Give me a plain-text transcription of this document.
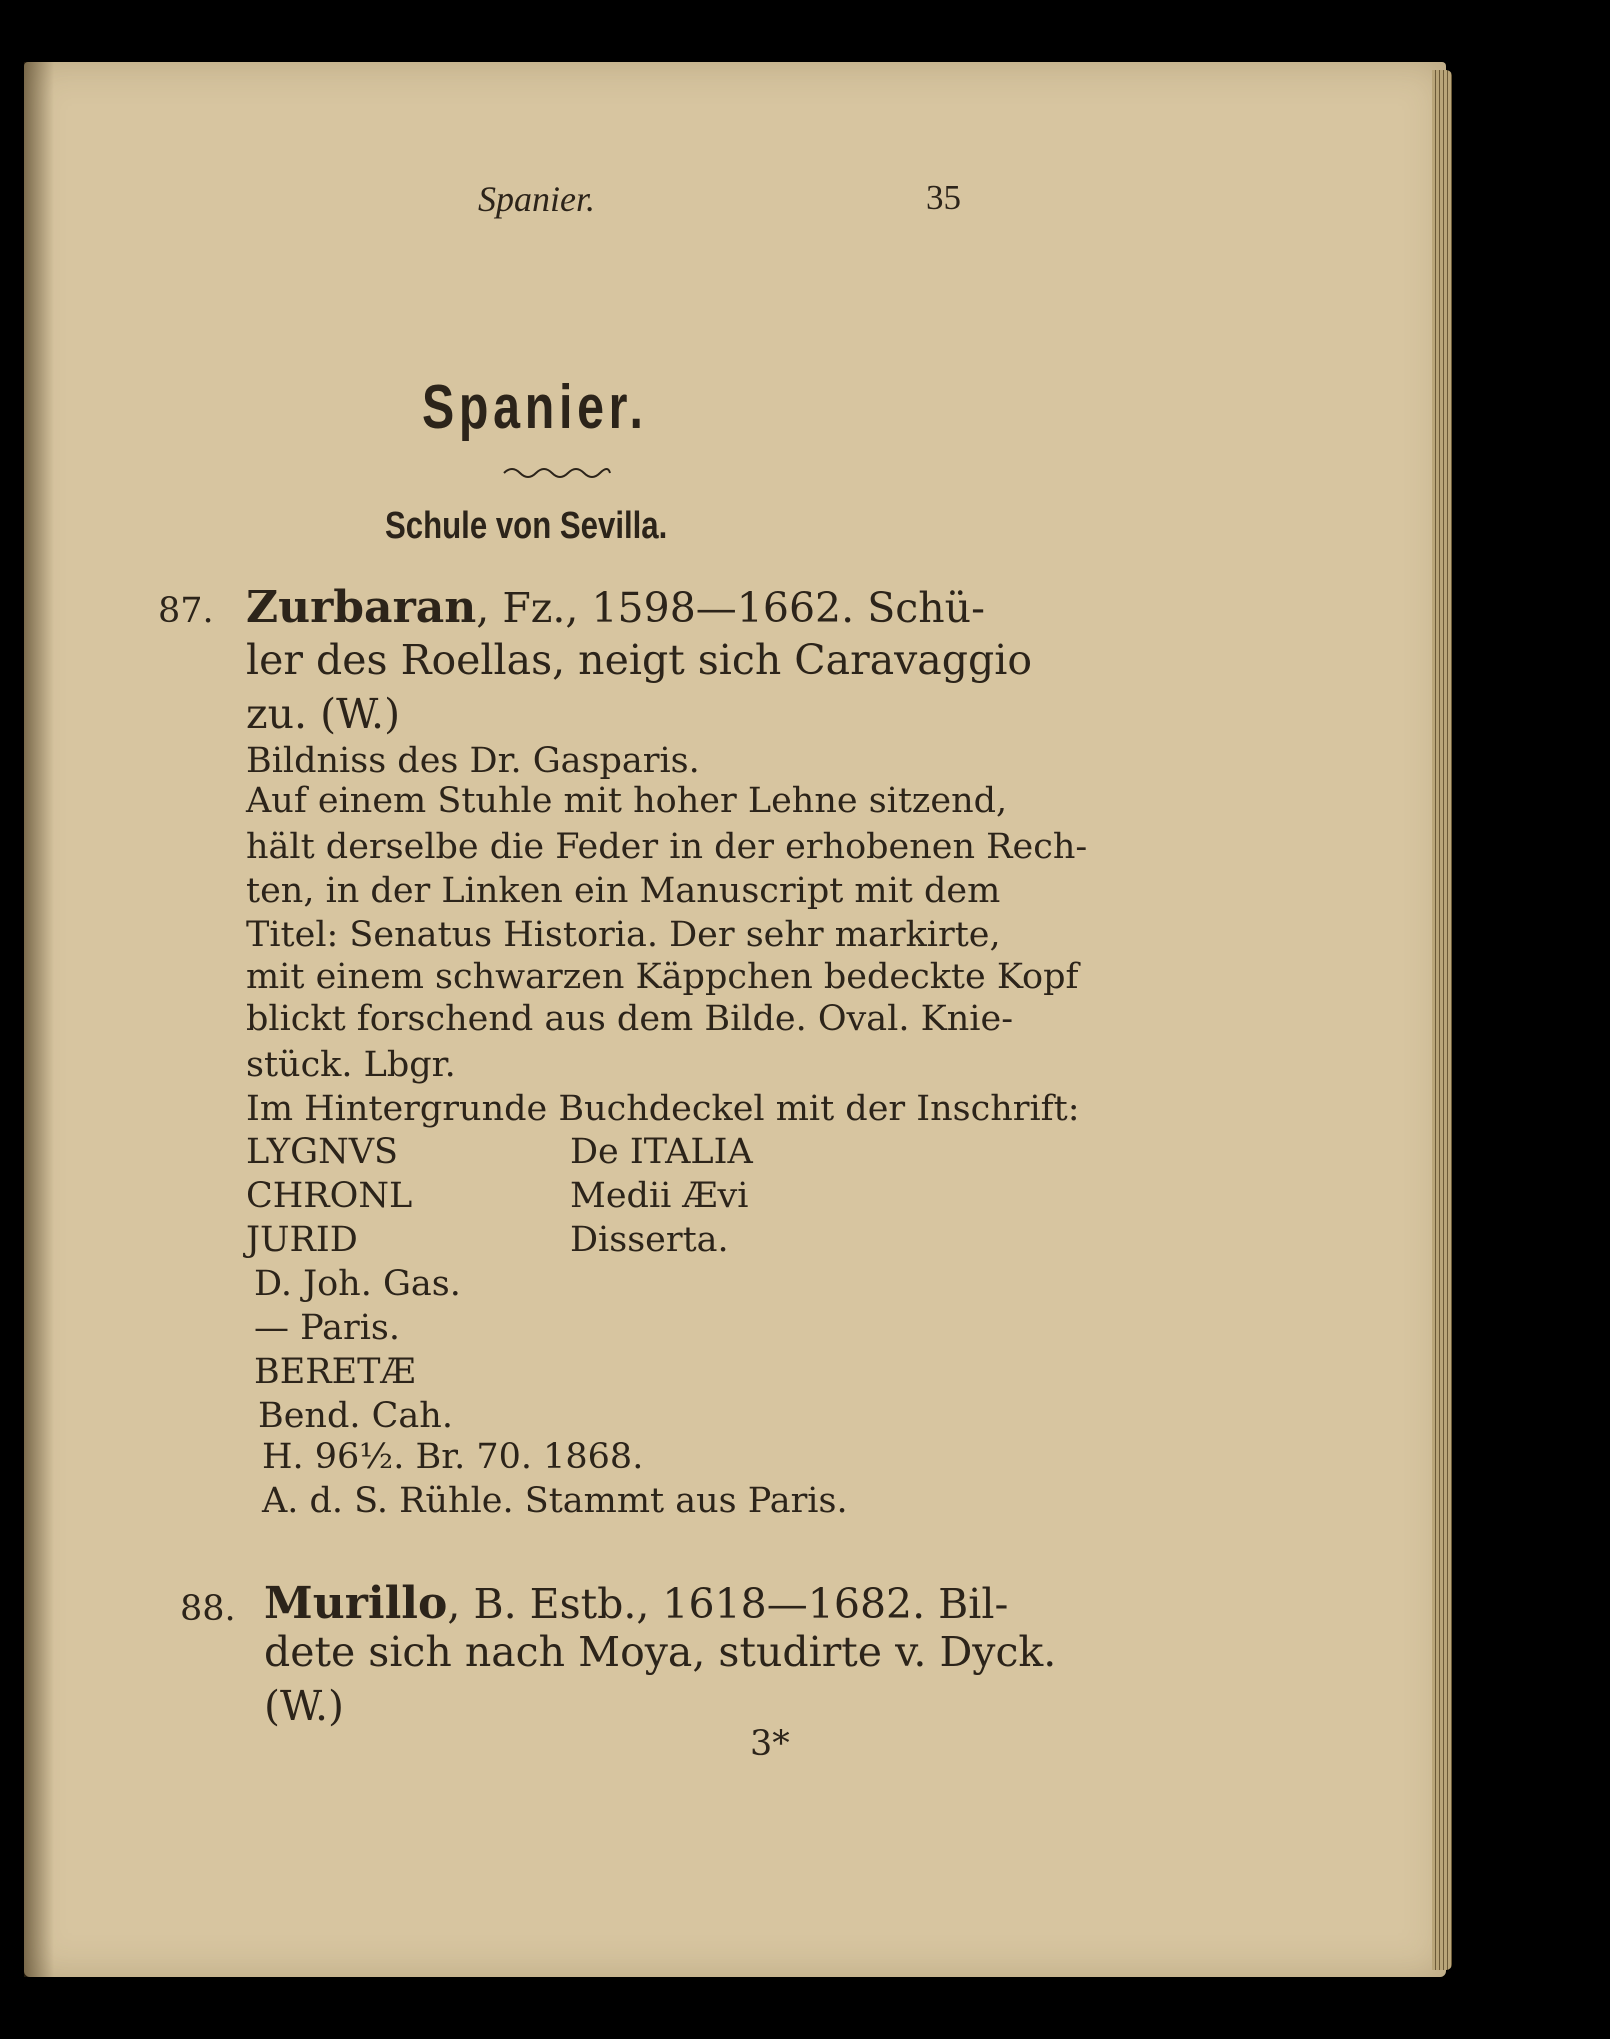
Spanier.	35
Spanier.
Schule von Sevilla.
87. Zurbaran, Fz., 1598—1662. Schü-
ler des Roellas, neigt sich Caravaggio
zu. (W.)
Bildniss des Dr. Gasparis.
Auf einem Stuhle mit hoher Lehne sitzend,
hält derselbe die Feder in der erhobenen Rech-
ten, in der Linken ein Manuscript mit dem
Titel: Senatus Historia. Der sehr markirte,
mit einem schwarzen Käppchen bedeckte Kopf
blickt forschend aus dem Bilde. Oval. Knie-
stück. Lbgr.
Im Hintergrunde Buchdeckel mit der Inschrift:
LYGNVS
CHRONL
JURID
D. Joh. Gas.
— Paris.
BERETÆ
Bend. Cah.
De ITALIA
Medii Ævi
Disserta.
H. 96½. Br. 70. 1868.
A. d. S. Rühle. Stammt aus Paris.
88. Murillo, B. Estb., 1618—1682. Bil-
dete sich nach Moya, studirte v. Dyck.
(W.)
3*
